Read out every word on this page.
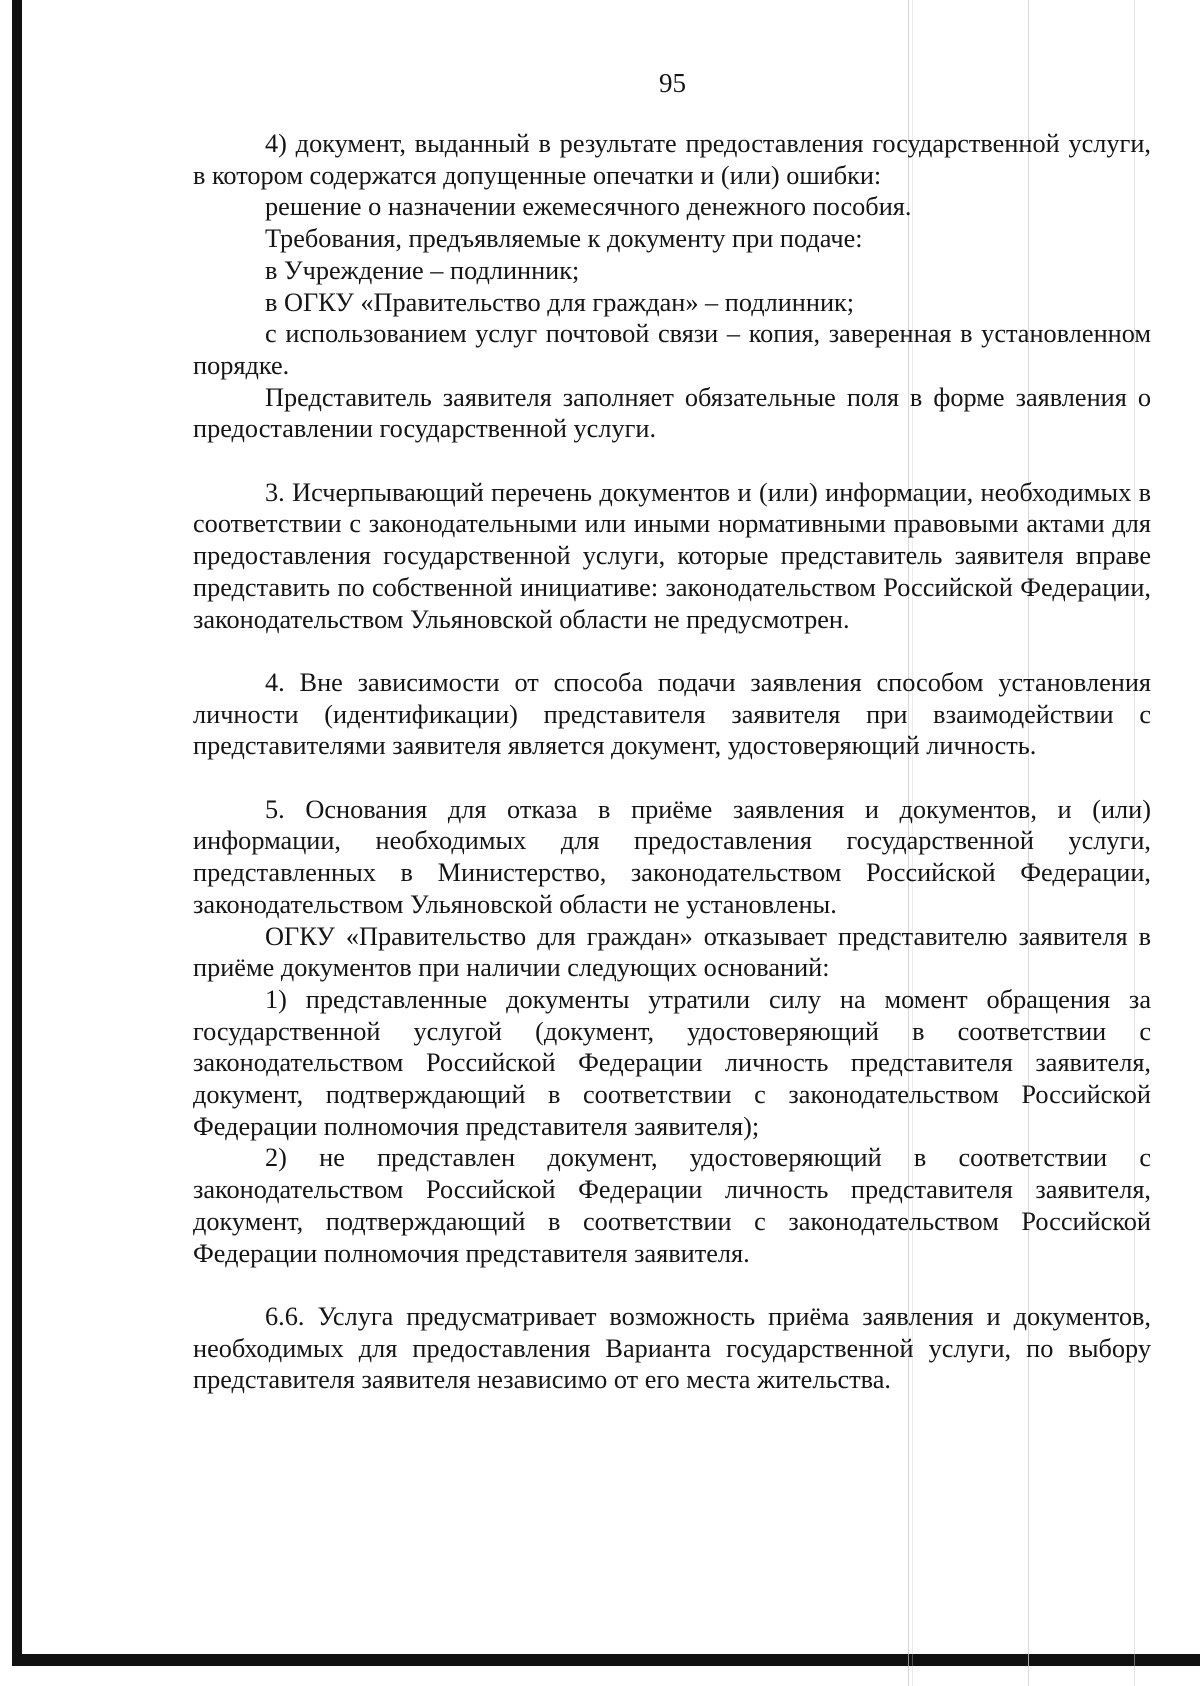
95

4) документ, выданный в результате предоставления государственной услуги, в котором содержатся допущенные опечатки и (или) ошибки:

решение о назначении ежемесячного денежного пособия.

Требования, предъявляемые к документу при подаче:

в Учреждение – подлинник;

в ОГКУ «Правительство для граждан» – подлинник;

с использованием услуг почтовой связи – копия, заверенная в установленном порядке.

Представитель заявителя заполняет обязательные поля в форме заявления о предоставлении государственной услуги.

3. Исчерпывающий перечень документов и (или) информации, необходимых в соответствии с законодательными или иными нормативными правовыми актами для предоставления государственной услуги, которые представитель заявителя вправе представить по собственной инициативе: законодательством Российской Федерации, законодательством Ульяновской области не предусмотрен.

4. Вне зависимости от способа подачи заявления способом установления личности (идентификации) представителя заявителя при взаимодействии с представителями заявителя является документ, удостоверяющий личность.

5. Основания для отказа в приёме заявления и документов, и (или) информации, необходимых для предоставления государственной услуги, представленных в Министерство, законодательством Российской Федерации, законодательством Ульяновской области не установлены.

ОГКУ «Правительство для граждан» отказывает представителю заявителя в приёме документов при наличии следующих оснований:

1) представленные документы утратили силу на момент обращения за государственной услугой (документ, удостоверяющий в соответствии с законодательством Российской Федерации личность представителя заявителя, документ, подтверждающий в соответствии с законодательством Российской Федерации полномочия представителя заявителя);

2) не представлен документ, удостоверяющий в соответствии с законодательством Российской Федерации личность представителя заявителя, документ, подтверждающий в соответствии с законодательством Российской Федерации полномочия представителя заявителя.

6.6. Услуга предусматривает возможность приёма заявления и документов, необходимых для предоставления Варианта государственной услуги, по выбору представителя заявителя независимо от его места жительства.
